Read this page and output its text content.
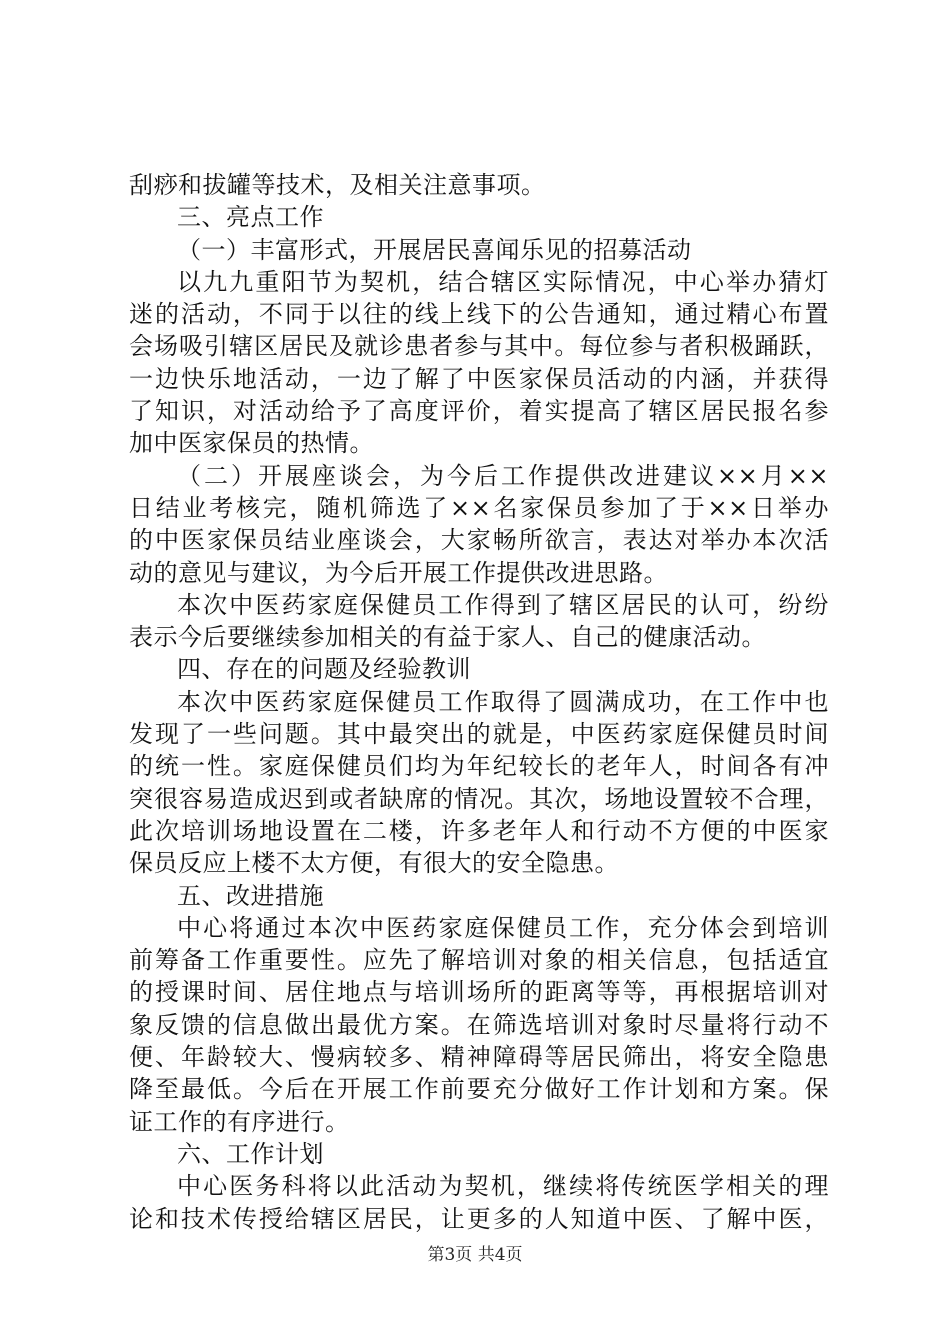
刮痧和拔罐等技术，及相关注意事项。
三、亮点工作
（一）丰富形式，开展居民喜闻乐见的招募活动
以九九重阳节为契机，结合辖区实际情况，中心举办猜灯
迷的活动，不同于以往的线上线下的公告通知，通过精心布置
会场吸引辖区居民及就诊患者参与其中。每位参与者积极踊跃，
一边快乐地活动，一边了解了中医家保员活动的内涵，并获得
了知识，对活动给予了高度评价，着实提高了辖区居民报名参
加中医家保员的热情。
（二）开展座谈会，为今后工作提供改进建议××月××
日结业考核完，随机筛选了××名家保员参加了于××日举办
的中医家保员结业座谈会，大家畅所欲言，表达对举办本次活
动的意见与建议，为今后开展工作提供改进思路。
本次中医药家庭保健员工作得到了辖区居民的认可，纷纷
表示今后要继续参加相关的有益于家人、自己的健康活动。
四、存在的问题及经验教训
本次中医药家庭保健员工作取得了圆满成功，在工作中也
发现了一些问题。其中最突出的就是，中医药家庭保健员时间
的统一性。家庭保健员们均为年纪较长的老年人，时间各有冲
突很容易造成迟到或者缺席的情况。其次，场地设置较不合理，
此次培训场地设置在二楼，许多老年人和行动不方便的中医家
保员反应上楼不太方便，有很大的安全隐患。
五、改进措施
中心将通过本次中医药家庭保健员工作，充分体会到培训
前筹备工作重要性。应先了解培训对象的相关信息，包括适宜
的授课时间、居住地点与培训场所的距离等等，再根据培训对
象反馈的信息做出最优方案。在筛选培训对象时尽量将行动不
便、年龄较大、慢病较多、精神障碍等居民筛出，将安全隐患
降至最低。今后在开展工作前要充分做好工作计划和方案。保
证工作的有序进行。
六、工作计划
中心医务科将以此活动为契机，继续将传统医学相关的理
论和技术传授给辖区居民，让更多的人知道中医、了解中医，
第3页 共4页
